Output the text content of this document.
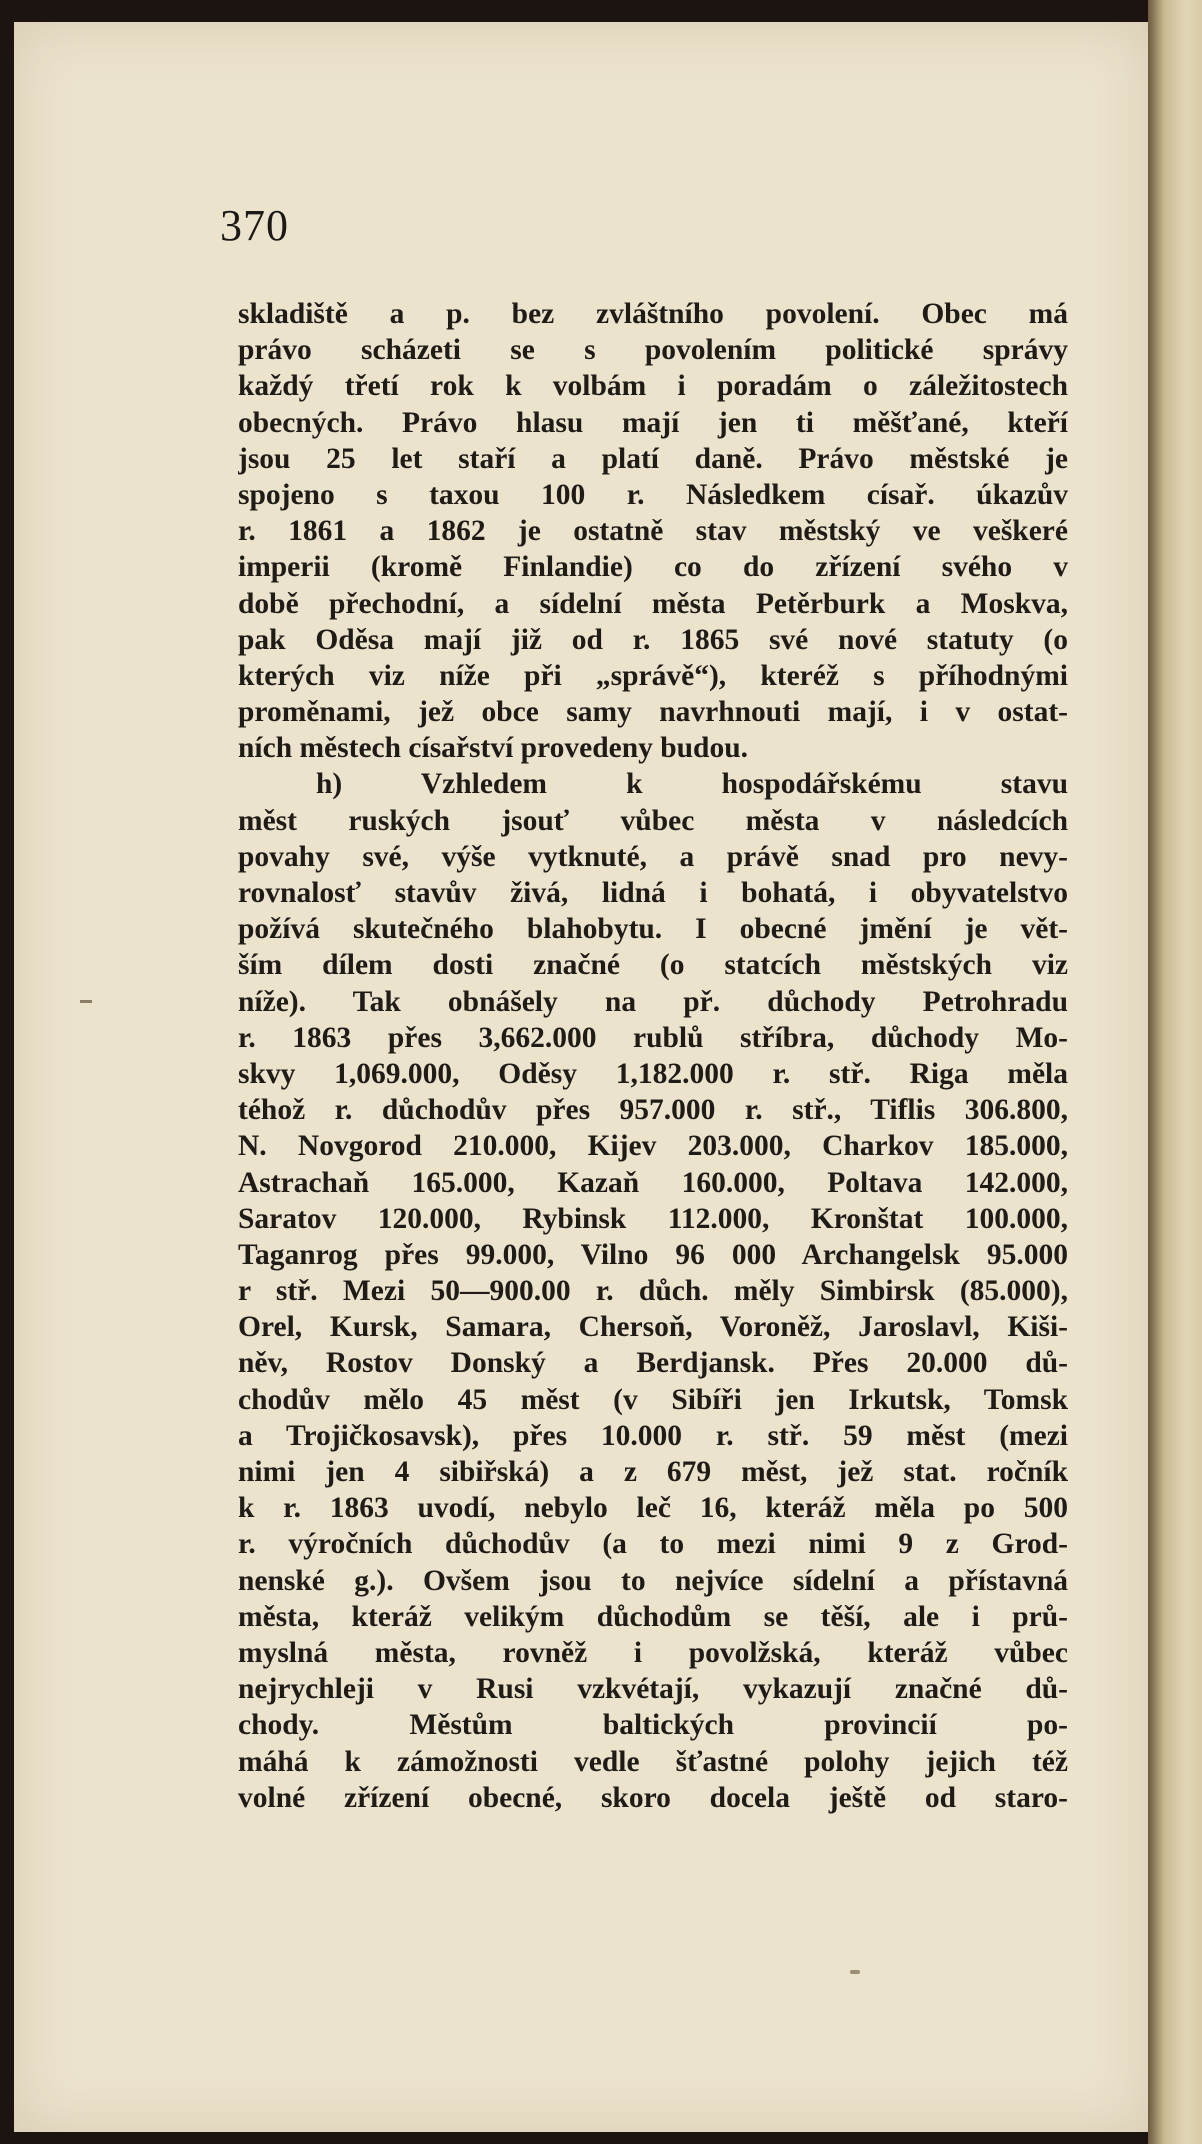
370
skladiště a p. bez zvláštního povolení. Obec má
právo scházeti se s povolením politické správy
každý třetí rok k volbám i poradám o záležitostech
obecných. Právo hlasu mají jen ti měšťané, kteří
jsou 25 let staří a platí daně. Právo městské je
spojeno s taxou 100 r. Následkem císař. úkazův
r. 1861 a 1862 je ostatně stav městský ve veškeré
imperii (kromě Finlandie) co do zřízení svého v
době přechodní, a sídelní města Petěrburk a Moskva,
pak Oděsa mají již od r. 1865 své nové statuty (o
kterých viz níže při „správě“), kteréž s příhodnými
proměnami, jež obce samy navrhnouti mají, i v ostat-
ních městech císařství provedeny budou.
h) Vzhledem k hospodářskému stavu
měst ruských jsouť vůbec města v následcích
povahy své, výše vytknuté, a právě snad pro nevy-
rovnalosť stavův živá, lidná i bohatá, i obyvatelstvo
požívá skutečného blahobytu. I obecné jmění je vět-
ším dílem dosti značné (o statcích městských viz
níže). Tak obnášely na př. důchody Petrohradu
r. 1863 přes 3,662.000 rublů stříbra, důchody Mo-
skvy 1,069.000, Oděsy 1,182.000 r. stř. Riga měla
téhož r. důchodův přes 957.000 r. stř., Tiflis 306.800,
N. Novgorod 210.000, Kijev 203.000, Charkov 185.000,
Astrachaň 165.000, Kazaň 160.000, Poltava 142.000,
Saratov 120.000, Rybinsk 112.000, Kronštat 100.000,
Taganrog přes 99.000, Vilno 96 000 Archangelsk 95.000
r stř. Mezi 50—900.00 r. důch. měly Simbirsk (85.000),
Orel, Kursk, Samara, Chersoň, Voroněž, Jaroslavl, Kiši-
něv, Rostov Donský a Berdjansk. Přes 20.000 dů-
chodův mělo 45 měst (v Sibíři jen Irkutsk, Tomsk
a Trojičkosavsk), přes 10.000 r. stř. 59 měst (mezi
nimi jen 4 sibiřská) a z 679 měst, jež stat. ročník
k r. 1863 uvodí, nebylo leč 16, kteráž měla po 500
r. výročních důchodův (a to mezi nimi 9 z Grod-
nenské g.). Ovšem jsou to nejvíce sídelní a přístavná
města, kteráž velikým důchodům se těší, ale i prů-
myslná města, rovněž i povolžská, kteráž vůbec
nejrychleji v Rusi vzkvétají, vykazují značné dů-
chody. Městům baltických provincií po-
máhá k zámožnosti vedle šťastné polohy jejich též
volné zřízení obecné, skoro docela ještě od staro-
